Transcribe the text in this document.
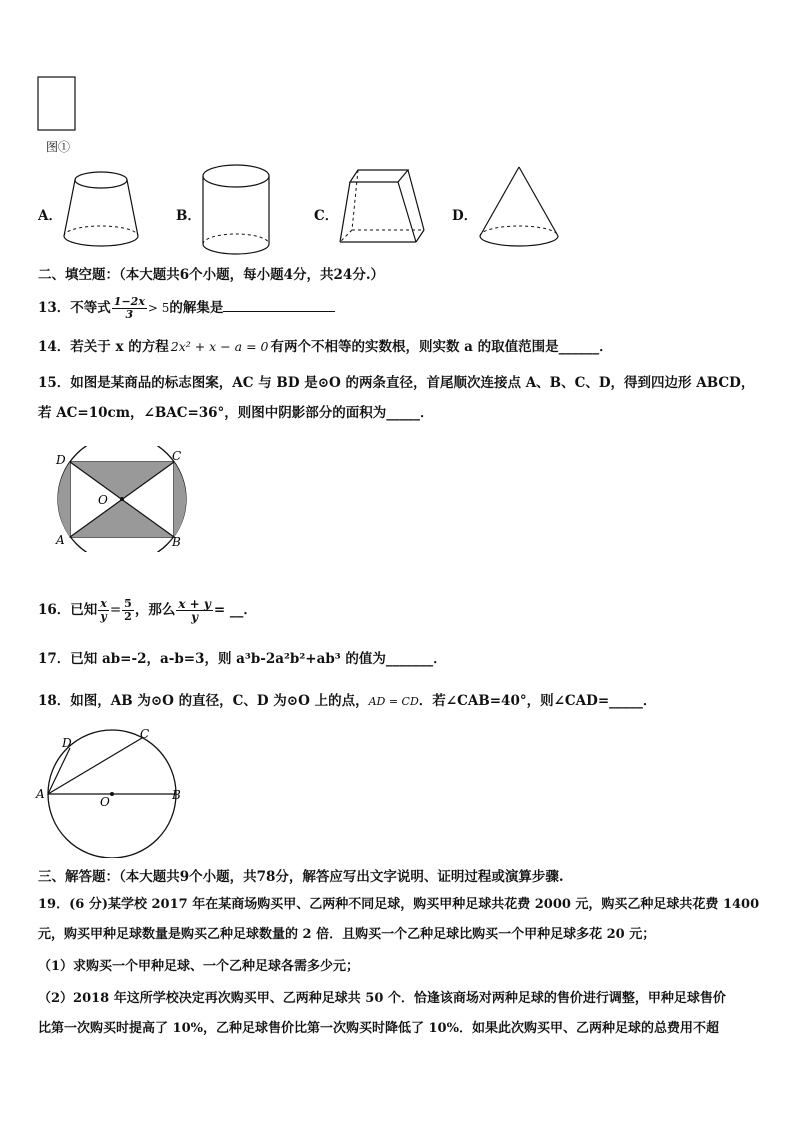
图①
A．	B．	C．	D．
二、填空题：（本大题共6个小题，每小题4分，共24分.）
13．不等式 $\frac{1-2x}{3} > 5$的解集是
14．若关于 x 的方程 2x² + x − a = 0 有两个不相等的实数根，则实数 a 的取值范围是______．
15．如图是某商品的标志图案，AC 与 BD 是⊙O 的两条直径，首尾顺次连接点 A、B、C、D，得到四边形 ABCD，
若 AC=10cm，∠BAC=36°，则图中阴影部分的面积为_____．
D	C
O
A	B
16．已知 $\frac{x}{y} = \frac{5}{2}$ ，那么 $\frac{x + y}{y}$ = __．
17．已知 ab=-2，a-b=3，则 a³b-2a²b²+ab³ 的值为_______．
18．如图，AB 为⊙O 的直径，C、D 为⊙O 上的点，AD = CD．若∠CAB=40°，则∠CAD=_____．
D
C
A
O	B
三、解答题：（本大题共9个小题，共78分，解答应写出文字说明、证明过程或演算步骤.
19．(6 分)某学校 2017 年在某商场购买甲、乙两种不同足球，购买甲种足球共花费 2000 元，购买乙种足球共花费 1400
元，购买甲种足球数量是购买乙种足球数量的 2 倍．且购买一个乙种足球比购买一个甲种足球多花 20 元；
（1）求购买一个甲种足球、一个乙种足球各需多少元；
（2）2018 年这所学校决定再次购买甲、乙两种足球共 50 个．恰逢该商场对两种足球的售价进行调整，甲种足球售价
比第一次购买时提高了 10%，乙种足球售价比第一次购买时降低了 10%．如果此次购买甲、乙两种足球的总费用不超
